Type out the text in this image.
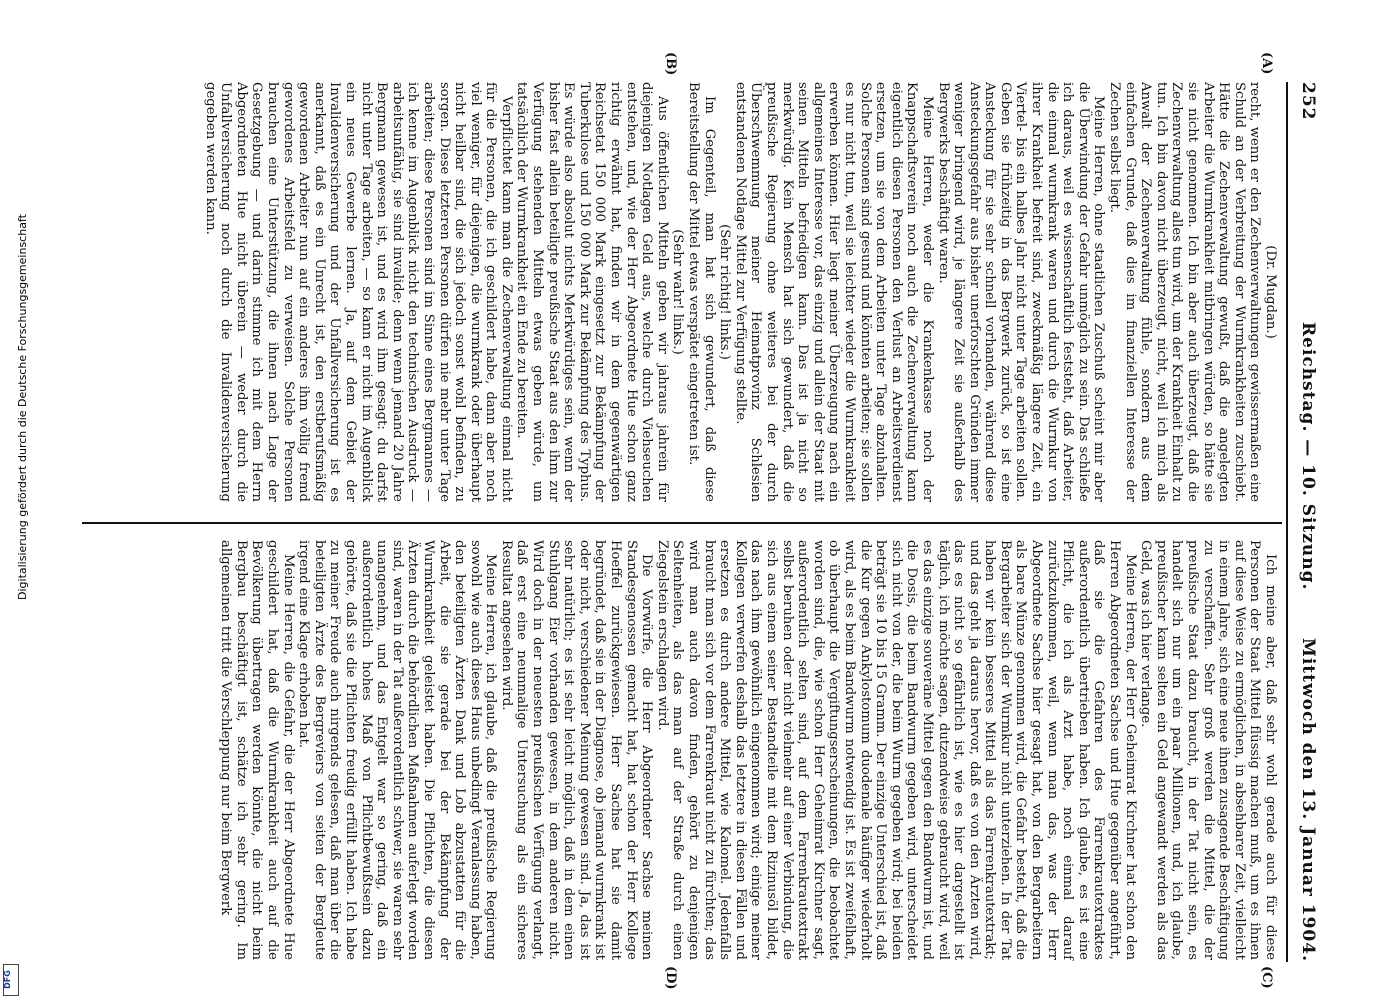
252
Reichstag. — 10. Sitzung.
Mittwoch den 13. Januar 1904.

(Dr. Mugdan.)

recht, wenn er den Zechenverwaltungen gewissermaßen eine Schuld an der Verbreitung der Wurmkrankheiten zuschiebt. Hätte die Zechenverwaltung gewußt, daß die angelegten Arbeiter die Wurmkrankheit mitbringen würden, so hätte sie sie nicht genommen. Ich bin aber auch überzeugt, daß die Zechenverwaltung alles tun wird, um der Krankheit Einhalt zu tun. Ich bin davon nicht überzeugt, nicht, weil ich mich als Anwalt der Zechenverwaltung fühle, sondern aus dem einfachen Grunde, daß dies im finanziellen Interesse der Zechen selbst liegt.

Meine Herren, ohne staatlichen Zuschuß scheint mir aber die Überwindung der Gefahr unmöglich zu sein. Das schließe ich daraus, weil es wissenschaftlich feststeht, daß Arbeiter, die einmal wurmkrank waren und durch die Wurmkur von ihrer Krankheit befreit sind, zweckmäßig längere Zeit, ein Viertel- bis ein halbes Jahr nicht unter Tage arbeiten sollen. Geben sie frühzeitig in das Bergwerk zurück, so ist eine Ansteckung für sie sehr schnell vorhanden, während diese Ansteckungsgefahr aus bisher unerforschten Gründen immer weniger bringend wird, je längere Zeit sie außerhalb des Bergwerks beschäftigt waren.

Meine Herren, weder die Krankenkasse noch der Knappschaftsverein noch auch die Zechenverwaltung kann eigentlich diesen Personen den Verlust an Arbeitsverdienst ersetzen, um sie von dem Arbeiten unter Tage abzuhalten. Solche Personen sind gesund und könnten arbeiten; sie sollen es nur nicht tun, weil sie leichter wieder die Wurmkrankheit erwerben können. Hier liegt meiner Überzeugung nach ein allgemeines Interesse vor, das einzig und allein der Staat mit seinen Mitteln befriedigen kann. Das ist ja nicht so merkwürdig. Kein Mensch hat sich gewundert, daß die preußische Regierung ohne weiteres bei der durch Überschwemmung meiner Heimatprovinz Schlesien entstandenen Notlage Mittel zur Verfügung stellte.

(Sehr richtig! links.)

Im Gegenteil, man hat sich gewundert, daß diese Bereitstellung der Mittel etwas verspätet eingetreten ist.

(Sehr wahr! links.)

Aus öffentlichen Mitteln geben wir jahraus jahrein für diejenigen Notlagen Geld aus, welche durch Viehseuchen entstehen, und, wie der Herr Abgeordnete Hue schon ganz richtig erwähnt hat, finden wir in dem gegenwärtigen Reichsetat 150 000 Mark eingesetzt zur Bekämpfung der Tuberkulose und 150 000 Mark zur Bekämpfung des Typhus. Es würde also absolut nichts Merkwürdiges sein, wenn der bisher fast allein beteiligte preußische Staat aus den ihm zur Verfügung stehenden Mitteln etwas geben würde, um tatsächlich der Wurmkrankheit ein Ende zu bereiten.

Verpflichtet kann man die Zechenverwaltung einmal nicht für die Personen, die ich geschildert habe, dann aber noch viel weniger, für diejenigen, die wurmkrank oder überhaupt nicht heilbar sind, die sich jedoch sonst wohl befinden, zu sorgen. Diese letzteren Personen dürfen nie mehr unter Tage arbeiten; diese Personen sind im Sinne eines Bergmannes — ich kenne im Augenblick nicht den technischen Ausdruck — arbeitsunfähig, sie sind invalide; denn wenn jemand 20 Jahre Bergmann gewesen ist, und es wird ihm gesagt: du darfst nicht unter Tage arbeiten, — so kann er nicht im Augenblick ein neues Gewerbe lernen. Ja, auf dem Gebiet der Invalidenversicherung und der Unfallversicherung ist es anerkannt, daß es ein Unrecht ist, den erstberufsmäßig gewordenen Arbeiter nun auf ein anderes ihm völlig fremd gewordenes Arbeitsfeld zu verweisen. Solche Personen brauchen eine Unterstützung, die ihnen nach Lage der Gesetzgebung — und darin stimme ich mit dem Herrn Abgeordneten Hue nicht überein — weder durch die Unfallversicherung noch durch die Invalidenversicherung gegeben werden kann.

Ich meine aber, daß sehr wohl gerade auch für diese Personen der Staat Mittel flüssig machen muß, um es ihnen auf diese Weise zu ermöglichen, in absehbarer Zeit, vielleicht in einem Jahre, sich eine neue ihnen zusagende Beschäftigung zu verschaffen. Sehr groß werden die Mittel, die der preußische Staat dazu braucht, in der Tat nicht sein, es handelt sich nur um ein paar Millionen, und, ich glaube, preußischer kann selten ein Geld angewandt werden als das Geld, was ich hier verlange.

Meine Herren, der Herr Geheimrat Kirchner hat schon den Herren Abgeordneten Sachse und Hue gegenüber angeführt, daß sie die Gefahren des Farrenkrautextraktes außerordentlich übertrieben haben. Ich glaube, es ist eine Pflicht, die ich als Arzt habe, noch einmal darauf zurückzukommen, weil, wenn man das, was der Herr Abgeordnete Sachse hier gesagt hat, von den Bergarbeitern als bare Münze genommen wird, die Gefahr besteht, daß die Bergarbeiter sich der Wurmkur nicht unterziehen. In der Tat haben wir kein besseres Mittel als das Farrenkrautextrakt; und das geht ja daraus hervor, daß es von den Ärzten wird, das es nicht so gefährlich ist, wie es hier dargestellt ist täglich, ich möchte sagen, dutzendweise gebraucht wird, weil es das einzige souveräne Mittel gegen den Bandwurm ist, und die Dosis, die beim Bandwurm gegeben wird, unterscheidet sich nicht von der, die beim Wurm gegeben wird; bei beiden beträgt sie 10 bis 15 Gramm. Der einzige Unterschied ist, daß die Kur gegen Ankylostomum duodenale häufiger wiederholt wird, als es beim Bandwurm notwendig ist. Es ist zweifelhaft, ob überhaupt die Vergiftungserscheinungen, die beobachtet worden sind, die, wie schon Herr Geheimrat Kirchner sagt, außerordentlich selten sind, auf dem Farrenkrautextrakt selbst beruhen oder nicht vielmehr auf einer Verbindung, die sich aus einem seiner Bestandteile mit dem Rizinusöl bildet, das nach ihm gewöhnlich eingenommen wird; einige meiner Kollegen verwerfen deshalb das letztere in diesen Fällen und ersetzen es durch andere Mittel, wie Kalomel. Jedenfalls braucht man sich vor dem Farrenkraut nicht zu fürchten; das wird man auch davon finden, gehört zu denjenigen Seltenheiten, als das man auf der Straße durch einen Ziegelstein erschlagen wird.

Die Vorwürfe, die Herr Abgeordneter Sachse meinen Standesgenossen gemacht hat, hat schon der Herr Kollege Hoeffel zurückgewiesen. Herr Sachse hat sie damit begründet, daß sie in der Diagnose, ob jemand wurmkrank ist oder nicht, verschiedener Meinung gewesen sind. Ja, das ist sehr natürlich; es ist sehr leicht möglich, daß in dem einen Stuhlgang Eier vorhanden gewesen, in dem anderen nicht. Wird doch in der neuesten preußischen Verfügung verlangt, daß erst eine neunmalige Untersuchung als ein sicheres Resultat angesehen wird.

Meine Herren, ich glaube, daß die preußische Regierung sowohl wie auch dieses Haus unbedingt Veranlassung haben, den beteiligten Ärzten Dank und Lob abzustatten für die Arbeit, die sie gerade bei der Bekämpfung der Wurmkrankheit geleistet haben. Die Pflichten, die diesen Ärzten durch die behördlichen Maßnahmen auferlegt worden sind, waren in der Tat außerordentlich schwer, sie waren sehr unangenehm, und das Entgelt war so gering, daß ein außerordentlich hohes Maß von Pflichtbewußtsein dazu gehörte, daß sie die Pflichten freudig erfüllt haben. Ich habe zu meiner Freude auch nirgends gelesen, daß man über die beteiligten Ärzte des Bergreviers von seiten der Bergleute irgend eine Klage erhoben hat.

Meine Herren, die Gefahr, die der Herr Abgeordnete Hue geschildert hat, daß die Wurmkrankheit auch auf die Bevölkerung übertragen werden könnte, die nicht beim Bergbau beschäftigt ist, schätze ich sehr gering. Im allgemeinen tritt die Verschleppung nur beim Bergwerk

(A)
(B)
(C)
(D)
Digitalisierung gefördert durch die Deutsche Forschungsgemeinschaft
DFG
